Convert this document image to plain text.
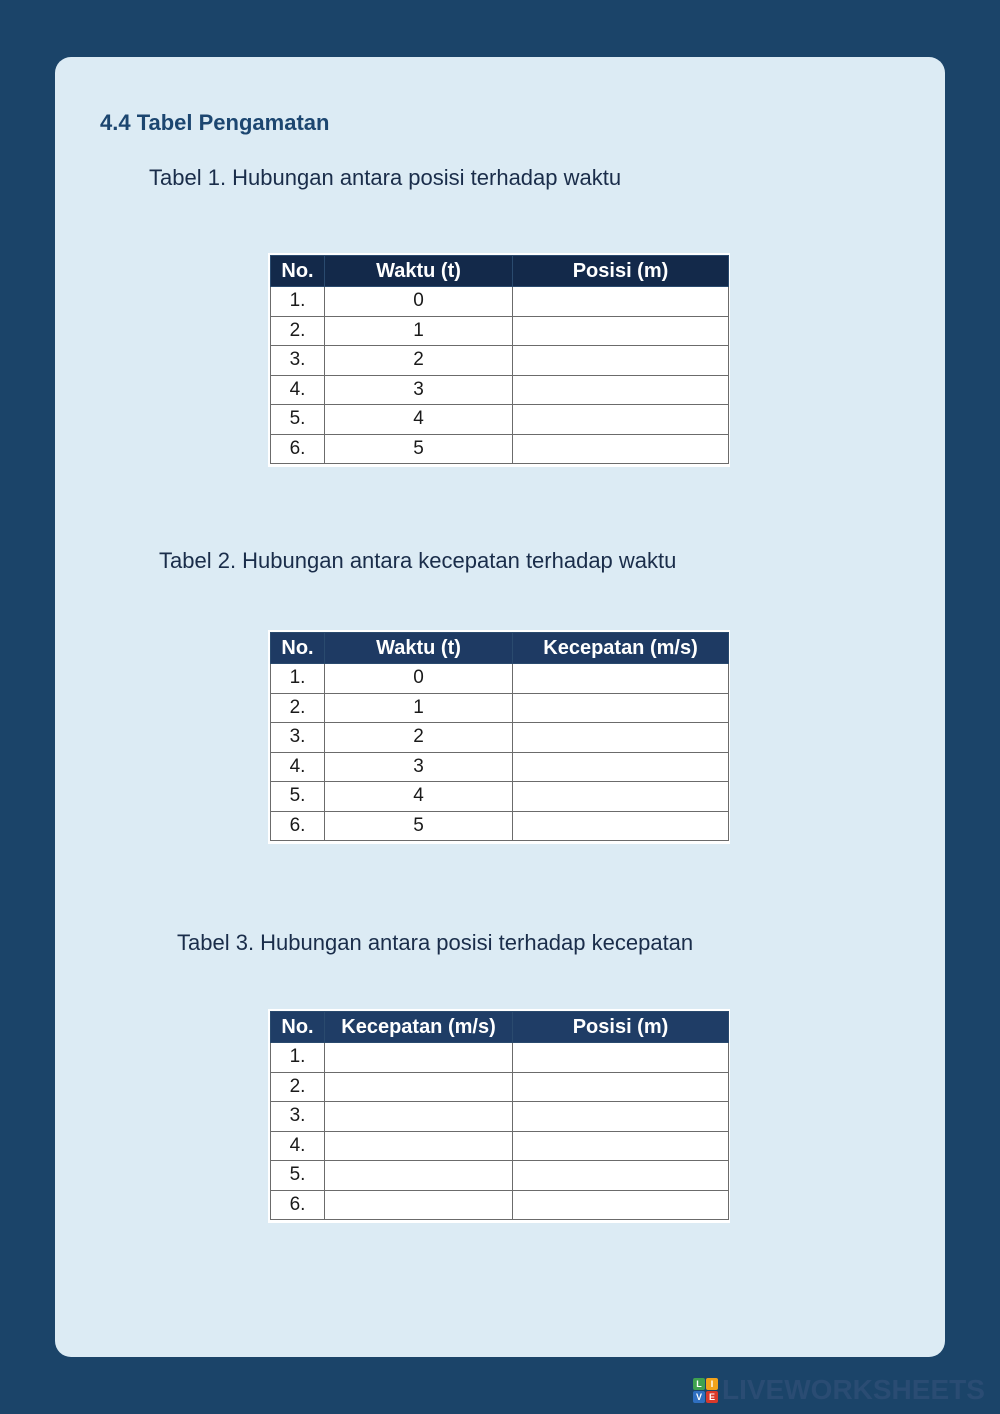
4.4 Tabel Pengamatan
Tabel 1. Hubungan antara posisi terhadap waktu
No.	Waktu (t)	Posisi (m)
1.	0	
2.	1	
3.	2	
4.	3	
5.	4	
6.	5	
Tabel 2. Hubungan antara kecepatan terhadap waktu
No.	Waktu (t)	Kecepatan (m/s)
1.	0	
2.	1	
3.	2	
4.	3	
5.	4	
6.	5	
Tabel 3. Hubungan antara posisi terhadap kecepatan
No.	Kecepatan (m/s)	Posisi (m)
1.		
2.		
3.		
4.		
5.		
6.		
L I
V E LIVEWORKSHEETS
